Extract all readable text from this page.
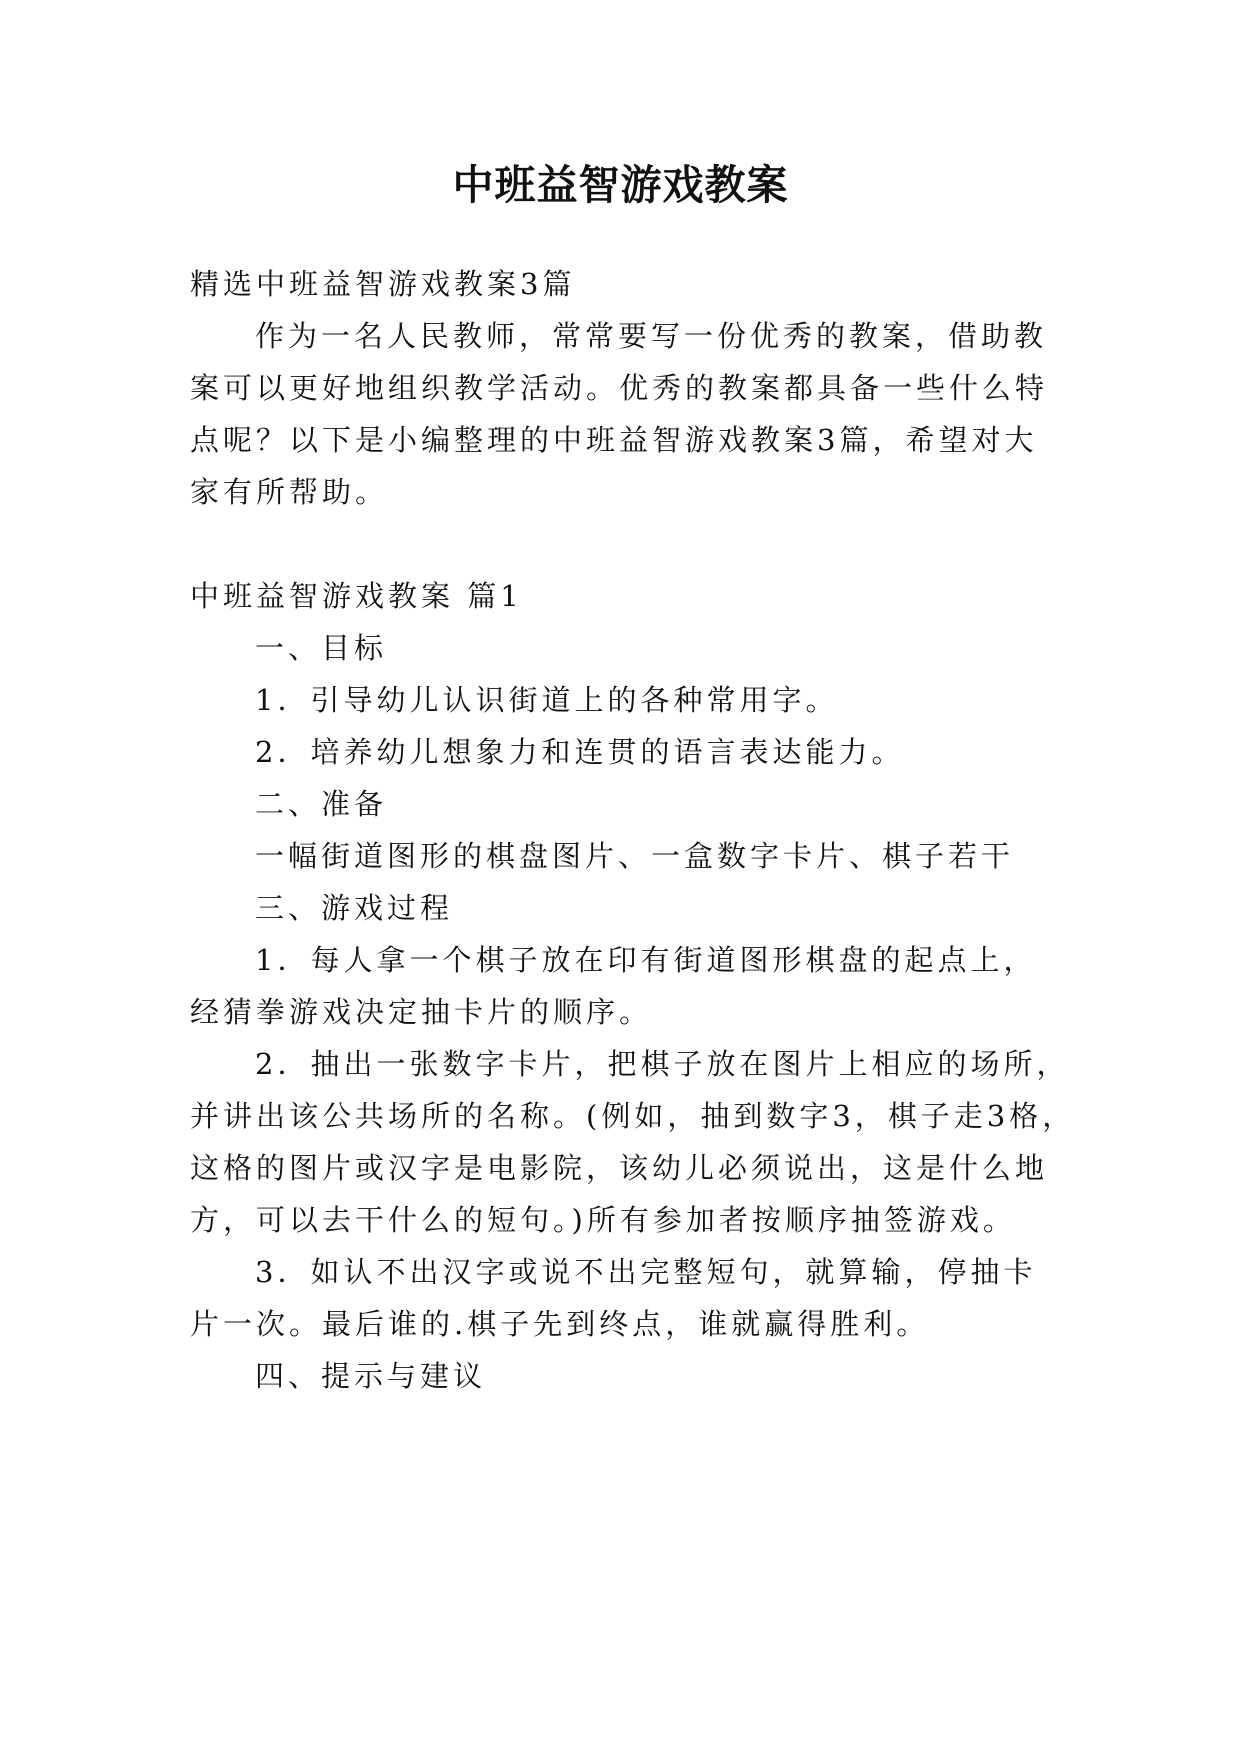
中班益智游戏教案

精选中班益智游戏教案3篇

作为一名人民教师，常常要写一份优秀的教案，借助教

案可以更好地组织教学活动。优秀的教案都具备一些什么特

点呢？以下是小编整理的中班益智游戏教案3篇，希望对大

家有所帮助。

中班益智游戏教案 篇1

一、目标

1．引导幼儿认识街道上的各种常用字。

2．培养幼儿想象力和连贯的语言表达能力。

二、准备

一幅街道图形的棋盘图片、一盒数字卡片、棋子若干

三、游戏过程

1．每人拿一个棋子放在印有街道图形棋盘的起点上，

经猜拳游戏决定抽卡片的顺序。

2．抽出一张数字卡片，把棋子放在图片上相应的场所，

并讲出该公共场所的名称。(例如，抽到数字3，棋子走3格，

这格的图片或汉字是电影院，该幼儿必须说出，这是什么地

方，可以去干什么的短句。)所有参加者按顺序抽签游戏。

3．如认不出汉字或说不出完整短句，就算输，停抽卡

片一次。最后谁的.棋子先到终点，谁就赢得胜利。

四、提示与建议
